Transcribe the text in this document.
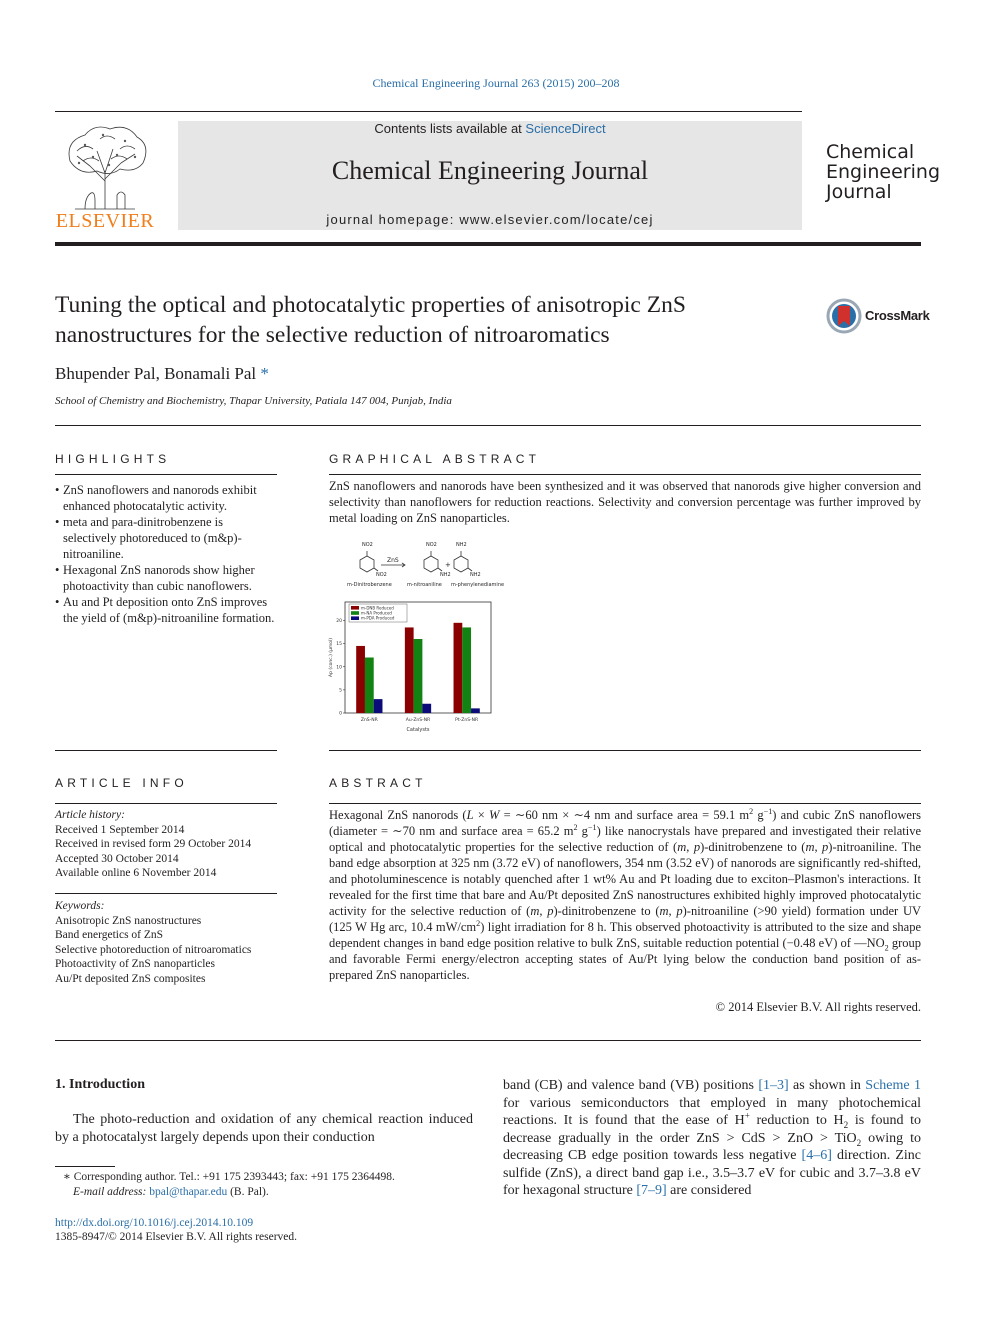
Chemical Engineering Journal 263 (2015) 200–208
ELSEVIER
Contents lists available at ScienceDirect
Chemical Engineering Journal
journal homepage: www.elsevier.com/locate/cej
Chemical
Engineering
Journal
Tuning the optical and photocatalytic properties of anisotropic ZnS nanostructures for the selective reduction of nitroaromatics
CrossMark
Bhupender Pal, Bonamali Pal *
School of Chemistry and Biochemistry, Thapar University, Patiala 147 004, Punjab, India
HIGHLIGHTS
• ZnS nanoflowers and nanorods exhibit enhanced photocatalytic activity.
• meta and para-dinitrobenzene is selectively photoreduced to (m&p)-nitroaniline.
• Hexagonal ZnS nanorods show higher photoactivity than cubic nanoflowers.
• Au and Pt deposition onto ZnS improves the yield of (m&p)-nitroaniline formation.
GRAPHICAL ABSTRACT
ZnS nanoflowers and nanorods have been synthesized and it was observed that nanorods give higher conversion and selectivity than nanoflowers for reduction reactions. Selectivity and conversion percentage was further improved by metal loading on ZnS nanoparticles.
NO2
NO2
NO2
NH2
NH2
NH2
ZnS
+
m-Dinitrobenzene	m-nitroaniline m-phenylenediamine
0
5
10
15
20
ZnS-NR	Au-ZnS-NR	Pt-ZnS-NR
Catalysts
Ap (conc.) (μmol)
m-DNB Reduced
m-NA Produced
m-PDA Produced
ARTICLE INFO
Article history:
Received 1 September 2014
Received in revised form 29 October 2014
Accepted 30 October 2014
Available online 6 November 2014
Keywords:
Anisotropic ZnS nanostructures
Band energetics of ZnS
Selective photoreduction of nitroaromatics
Photoactivity of ZnS nanoparticles
Au/Pt deposited ZnS composites
ABSTRACT
Hexagonal ZnS nanorods (L × W = ∼60 nm × ∼4 nm and surface area = 59.1 $m^2$ $g^{-1}$) and cubic ZnS nanoflowers (diameter = ∼70 nm and surface area = 65.2 $m^2$ $g^{-1}$) like nanocrystals have prepared and investigated their relative optical and photocatalytic properties for the selective reduction of (m, p)-dinitrobenzene to (m, p)-nitroaniline. The band edge absorption at 325 nm (3.72 eV) of nanoflowers, 354 nm (3.52 eV) of nanorods are significantly red-shifted, and photoluminescence is notably quenched after 1 wt% Au and Pt loading due to exciton–Plasmon's interactions. It revealed for the first time that bare and Au/Pt deposited ZnS nanostructures exhibited highly improved photocatalytic activity for the selective reduction of (m, p)-dinitrobenzene to (m, p)-nitroaniline (>90 yield) formation under UV (125 W Hg arc, 10.4 $mW/cm^2$) light irradiation for 8 h. This observed photoactivity is attributed to the size and shape dependent changes in band edge position relative to bulk ZnS, suitable reduction potential (−0.48 eV) of $—NO_2$ group and favorable Fermi energy/electron accepting states of Au/Pt lying below the conduction band position of as-prepared ZnS nanoparticles.
© 2014 Elsevier B.V. All rights reserved.
1. Introduction
The photo-reduction and oxidation of any chemical reaction induced by a photocatalyst largely depends upon their conduction
band (CB) and valence band (VB) positions [1–3] as shown in Scheme 1 for various semiconductors that employed in many photochemical reactions. It is found that the ease of H+ reduction to $H_2$ is found to decrease gradually in the order ZnS > CdS > ZnO > TiO$_2$ owing to decreasing CB edge position towards less negative [4–6] direction. Zinc sulfide (ZnS), a direct band gap i.e., 3.5–3.7 eV for cubic and 3.7–3.8 eV for hexagonal structure [7–9] are considered
∗ Corresponding author. Tel.: +91 175 2393443; fax: +91 175 2364498.
E-mail address: bpal@thapar.edu (B. Pal).
http://dx.doi.org/10.1016/j.cej.2014.10.109
1385-8947/© 2014 Elsevier B.V. All rights reserved.
